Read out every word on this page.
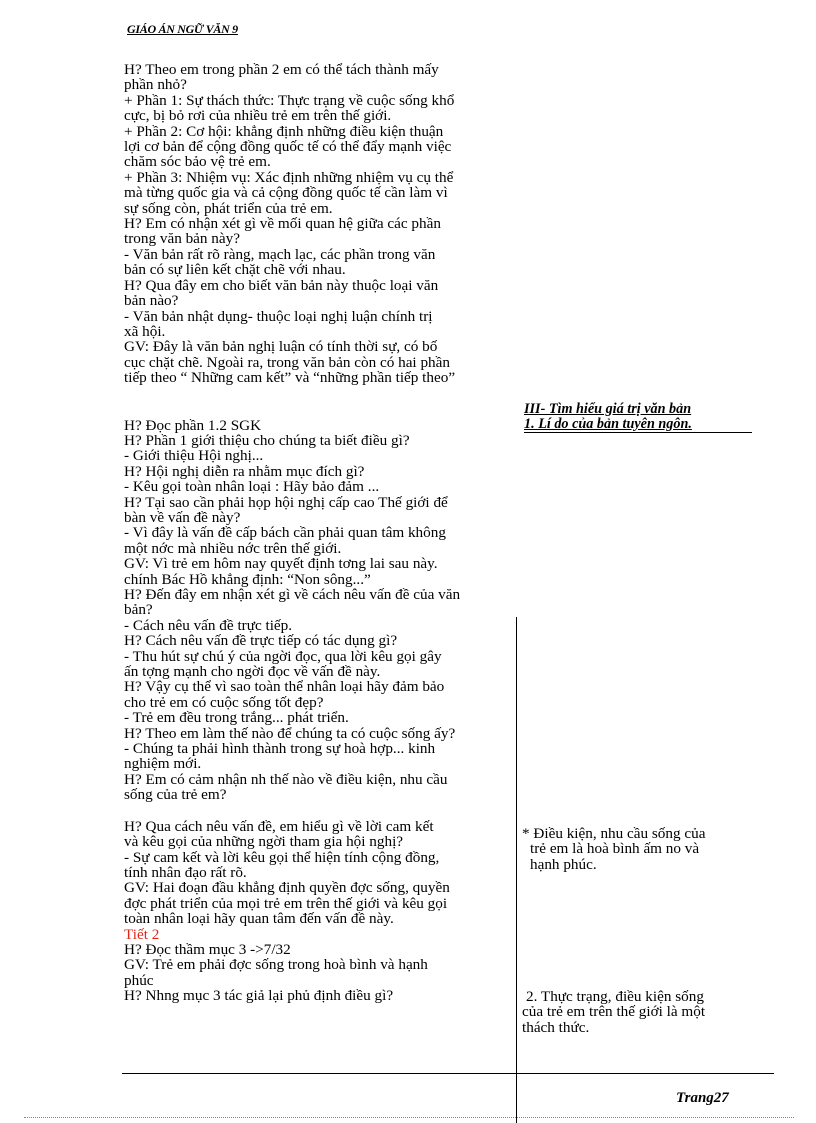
GIÁO ÁN NGỮ VĂN 9
H? Theo em trong phần 2 em có thể tách thành mấy
phần nhỏ?
+ Phần 1: Sự thách thức: Thực trạng về cuộc sống khổ
cực, bị bỏ rơi của nhiều trẻ em trên thế giới.
+ Phần 2: Cơ hội: khẳng định những điều kiện thuận
lợi cơ bản để cộng đồng quốc tế có thể đẩy mạnh việc
chăm sóc bảo vệ trẻ em.
+ Phần 3: Nhiệm vụ: Xác định những nhiệm vụ cụ thể
mà từng quốc gia và cả cộng đồng quốc tế cần làm vì
sự sống còn, phát triển của trẻ em.
H? Em có nhận xét gì về mối quan hệ giữa các phần
trong văn bản này?
- Văn bản rất rõ ràng, mạch lạc, các phần trong văn
bản có sự liên kết chặt chẽ với nhau.
H? Qua đây em cho biết văn bản này thuộc loại văn
bản nào?
- Văn bản nhật dụng- thuộc loại nghị luận chính trị
xã hội.
GV: Đây là văn bản nghị luận có tính thời sự, có bố
cục chặt chẽ. Ngoài ra, trong văn bản còn có hai phần
tiếp theo “ Những cam kết” và “những phần tiếp theo”
H? Đọc phần 1.2 SGK
H? Phần 1 giới thiệu cho chúng ta biết điều gì?
- Giới thiệu Hội nghị...
H? Hội nghị diễn ra nhằm mục đích gì?
- Kêu gọi toàn nhân loại : Hãy bảo đảm ...
H? Tại sao cần phải họp hội nghị cấp cao Thế giới để
bàn về vấn đề này?
- Vì đây là vấn đề cấp bách cần phải quan tâm không
một nớc mà nhiều nớc trên thế giới.
GV: Vì trẻ em hôm nay quyết định tơng lai sau này.
chính Bác Hồ khẳng định: “Non sông...”
H? Đến đây em nhận xét gì về cách nêu vấn đề của văn
bản?
- Cách nêu vấn đề trực tiếp.
H? Cách nêu vấn đề trực tiếp có tác dụng gì?
- Thu hút sự chú ý của ngời đọc, qua lời kêu gọi gây
ấn tợng mạnh cho ngời đọc về vấn đề này.
H? Vậy cụ thể vì sao toàn thể nhân loại hãy đảm bảo
cho trẻ em có cuộc sống tốt đẹp?
- Trẻ em đều trong trắng... phát triển.
H? Theo em làm thế nào để chúng ta có cuộc sống ấy?
- Chúng ta phải hình thành trong sự hoà hợp... kinh
nghiệm mới.
H? Em có cảm nhận nh thế nào về điều kiện, nhu cầu
sống của trẻ em?
H? Qua cách nêu vấn đề, em hiểu gì về lời cam kết
và kêu gọi của những ngời tham gia hội nghị?
- Sự cam kết và lời kêu gọi thể hiện tính cộng đồng,
tính nhân đạo rất rõ.
GV: Hai đoạn đầu khẳng định quyền đợc sống, quyền
đợc phát triển của mọi trẻ em trên thế giới và kêu gọi
toàn nhân loại hãy quan tâm đến vấn đề này.
Tiết 2
H? Đọc thầm mục 3 ->7/32
GV: Trẻ em phải đợc sống trong hoà bình và hạnh
phúc
H? Nhng mục 3 tác giả lại phủ định điều gì?
III- Tìm hiểu giá trị văn bản
1. Lí do của bản tuyên ngôn.
* Điều kiện, nhu cầu sống của
trẻ em là hoà bình ấm no và
hạnh phúc.
2. Thực trạng, điều kiện sống
của trẻ em trên thế giới là một
thách thức.
Trang27
